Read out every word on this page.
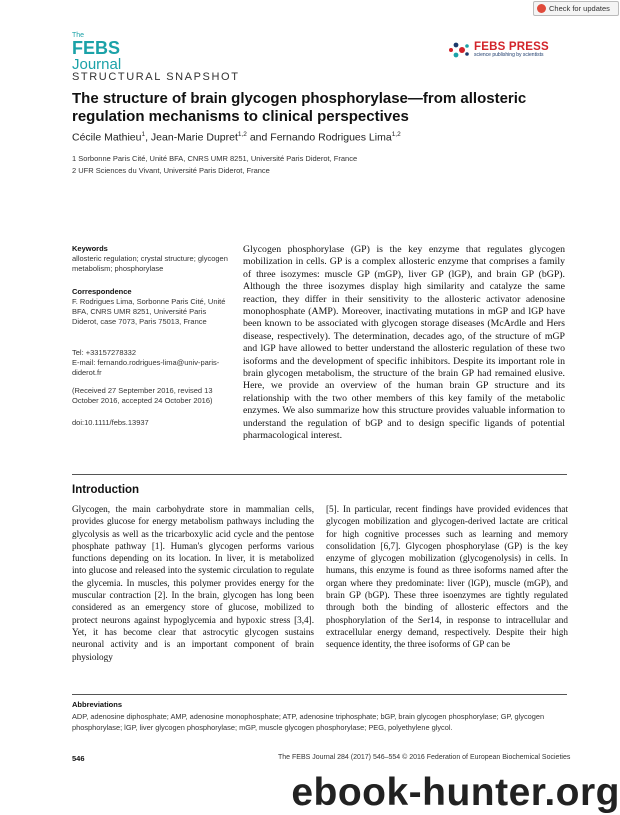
Check for updates
The
FEBS
Journal
FEBS PRESS
science publishing by scientists
STRUCTURAL SNAPSHOT
The structure of brain glycogen phosphorylase—from allosteric regulation mechanisms to clinical perspectives
Cécile Mathieu$^1$, Jean-Marie Dupret$^{1,2}$ and Fernando Rodrigues Lima$^{1,2}$
1 Sorbonne Paris Cité, Unité BFA, CNRS UMR 8251, Université Paris Diderot, France
2 UFR Sciences du Vivant, Université Paris Diderot, France
Keywords
allosteric regulation; crystal structure; glycogen metabolism; phosphorylase
Correspondence
F. Rodrigues Lima, Sorbonne Paris Cité, Unité BFA, CNRS UMR 8251, Université Paris Diderot, case 7073, Paris 75013, France
Tel: +33157278332
E-mail: fernando.rodrigues-lima@univ-paris-diderot.fr
(Received 27 September 2016, revised 13 October 2016, accepted 24 October 2016)
doi:10.1111/febs.13937

Glycogen phosphorylase (GP) is the key enzyme that regulates glycogen mobilization in cells. GP is a complex allosteric enzyme that comprises a family of three isozymes: muscle GP (mGP), liver GP (lGP), and brain GP (bGP). Although the three isozymes display high similarity and catalyze the same reaction, they differ in their sensitivity to the allosteric activator adenosine monophosphate (AMP). Moreover, inactivating mutations in mGP and lGP have been known to be associated with glycogen storage diseases (McArdle and Hers disease, respectively). The determination, decades ago, of the structure of mGP and lGP have allowed to better understand the allosteric regulation of these two isoforms and the development of specific inhibitors. Despite its important role in brain glycogen metabolism, the structure of the brain GP had remained elusive. Here, we provide an overview of the human brain GP structure and its relationship with the two other members of this key family of the metabolic enzymes. We also summarize how this structure provides valuable information to understand the regulation of bGP and to design specific ligands of potential pharmacological interest.

Introduction

Glycogen, the main carbohydrate store in mammalian cells, provides glucose for energy metabolism pathways including the glycolysis as well as the tricarboxylic acid cycle and the pentose phosphate pathway [1]. Human's glycogen performs various functions depending on its location. In liver, it is metabolized into glucose and released into the systemic circulation to regulate the glycemia. In muscles, this polymer provides energy for the muscular contraction [2]. In the brain, glycogen has long been considered as an emergency store of glucose, mobilized to protect neurons against hypoglycemia and hypoxic stress [3,4]. Yet, it has become clear that astrocytic glycogen sustains neuronal activity and is an important component of brain physiology

[5]. In particular, recent findings have provided evidences that glycogen mobilization and glycogen-derived lactate are critical for high cognitive processes such as learning and memory consolidation [6,7]. Glycogen phosphorylase (GP) is the key enzyme of glycogen mobilization (glycogenolysis) in cells. In humans, this enzyme is found as three isoforms named after the organ where they predominate: liver (lGP), muscle (mGP), and brain GP (bGP). These three isoenzymes are tightly regulated through both the binding of allosteric effectors and the phosphorylation of the Ser14, in response to intracellular and extracellular energy demand, respectively. Despite their high sequence identity, the three isoforms of GP can be

Abbreviations

ADP, adenosine diphosphate; AMP, adenosine monophosphate; ATP, adenosine triphosphate; bGP, brain glycogen phosphorylase; GP, glycogen phosphorylase; lGP, liver glycogen phosphorylase; mGP, muscle glycogen phosphorylase; PEG, polyethylene glycol.

546	The FEBS Journal 284 (2017) 546–554 © 2016 Federation of European Biochemical Societies
ebook-hunter.org
